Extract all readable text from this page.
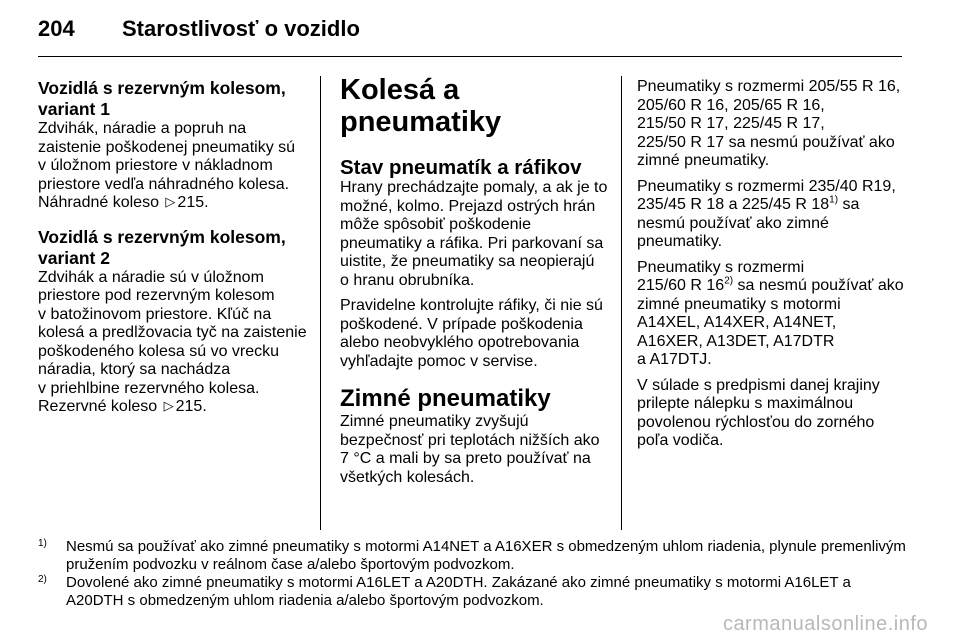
204 Starostlivosť o vozidlo

Vozidlá s rezervným kolesom,
variant 1

Zdvihák, náradie a popruh na
zaistenie poškodenej pneumatiky sú
v úložnom priestore v nákladnom
priestore vedľa náhradného kolesa.

Náhradné koleso ▷ 215.

Vozidlá s rezervným kolesom,
variant 2

Zdvihák a náradie sú v úložnom
priestore pod rezervným kolesom
v batožinovom priestore. Kľúč na
kolesá a predlžovacia tyč na zaistenie
poškodeného kolesa sú vo vrecku
náradia, ktorý sa nachádza
v priehlbine rezervného kolesa.

Rezervné koleso ▷ 215.

Kolesá a pneumatiky

Stav pneumatík a ráfikov

Hrany prechádzajte pomaly, a ak je to
možné, kolmo. Prejazd ostrých hrán
môže spôsobiť poškodenie
pneumatiky a ráfika. Pri parkovaní sa
uistite, že pneumatiky sa neopierajú
o hranu obrubníka.

Pravidelne kontrolujte ráfiky, či nie sú
poškodené. V prípade poškodenia
alebo neobvyklého opotrebovania
vyhľadajte pomoc v servise.

Zimné pneumatiky

Zimné pneumatiky zvyšujú
bezpečnosť pri teplotách nižších ako
7 °C a mali by sa preto používať na
všetkých kolesách.

Pneumatiky s rozmermi 205/55 R 16,
205/60 R 16, 205/65 R 16,
215/50 R 17, 225/45 R 17,
225/50 R 17 sa nesmú používať ako
zimné pneumatiky.

Pneumatiky s rozmermi 235/40 R19,
235/45 R 18 a 225/45 R 18$^{1)}$ sa
nesmú používať ako zimné
pneumatiky.

Pneumatiky s rozmermi
215/60 R 16$^{2)}$ sa nesmú používať ako
zimné pneumatiky s motormi
A14XEL, A14XER, A14NET,
A16XER, A13DET, A17DTR
a A17DTJ.

V súlade s predpismi danej krajiny
prilepte nálepku s maximálnou
povolenou rýchlosťou do zorného
poľa vodiča.

1) Nesmú sa používať ako zimné pneumatiky s motormi A14NET a A16XER s obmedzeným uhlom riadenia, plynule premenlivým pružením podvozku v reálnom čase a/alebo športovým podvozkom.
2) Dovolené ako zimné pneumatiky s motormi A16LET a A20DTH. Zakázané ako zimné pneumatiky s motormi A16LET a A20DTH s obmedzeným uhlom riadenia a/alebo športovým podvozkom.
carmanualsonline.info
